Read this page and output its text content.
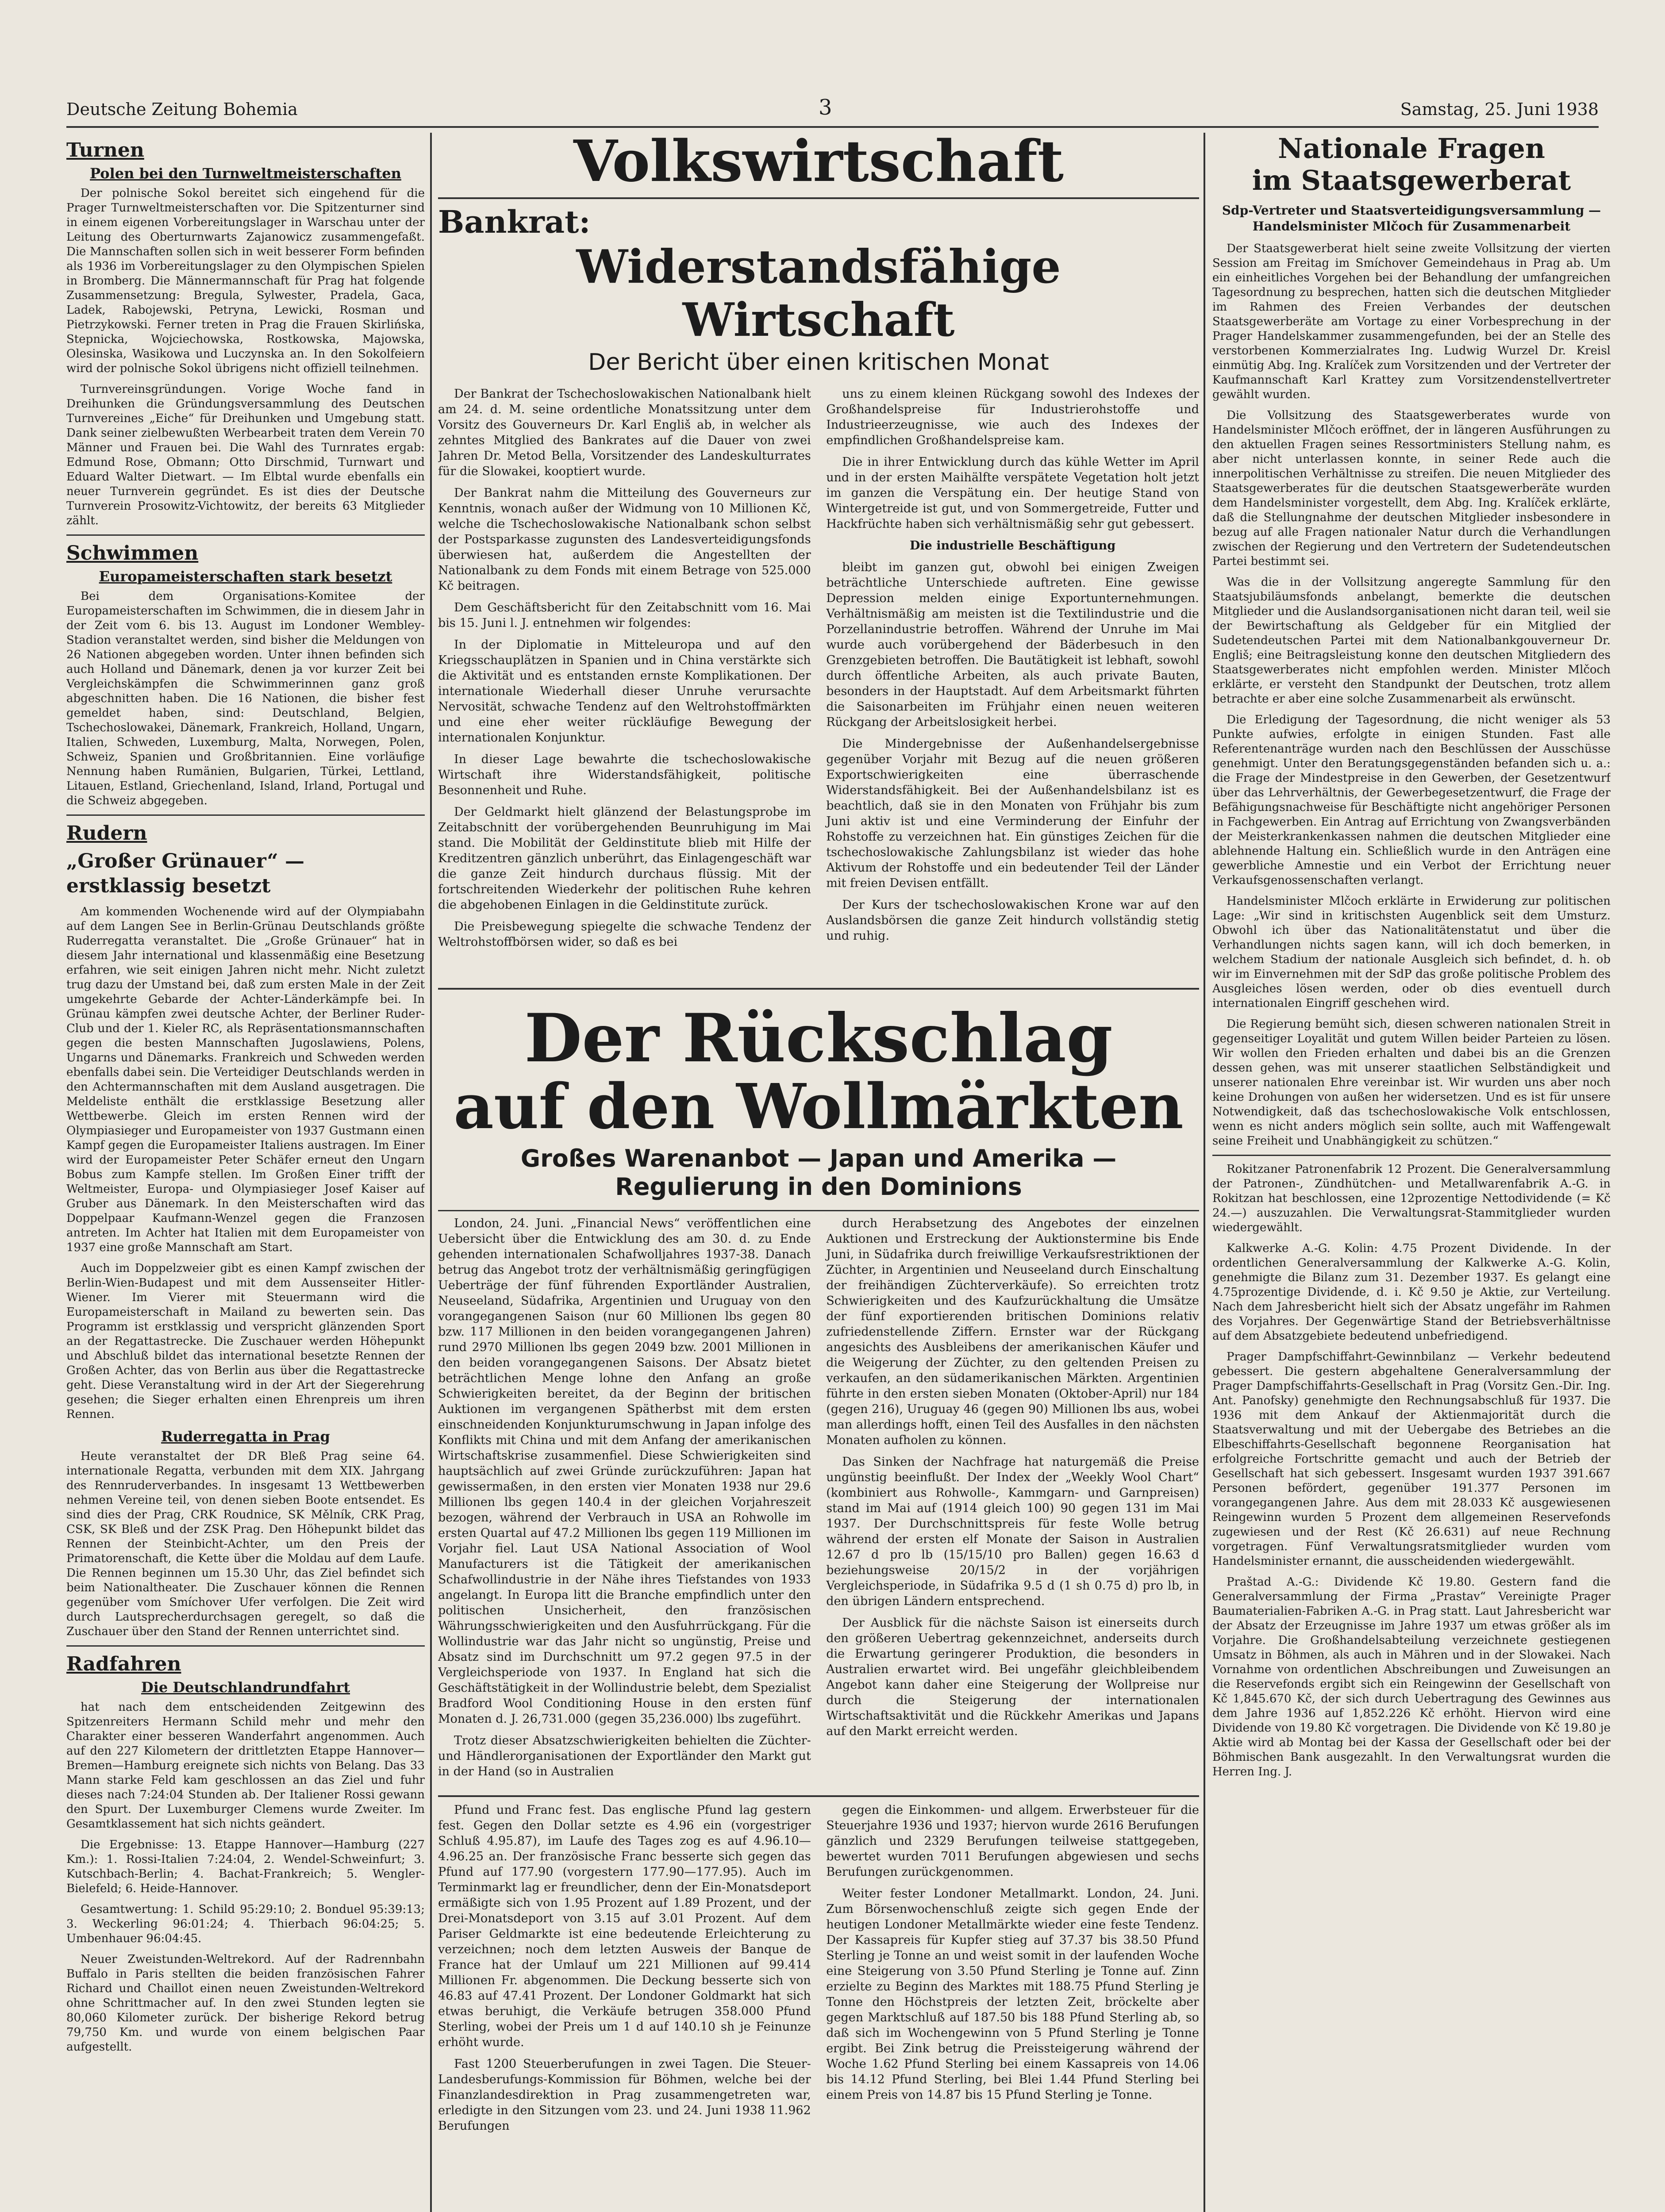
Deutsche Zeitung Bohemia	3	Samstag, 25. Juni 1938
Turnen
Polen bei den Turnweltmeisterschaften

Der polnische Sokol bereitet sich eingehend für die Prager Turnweltmeisterschaften vor. Die Spitzenturner sind in einem eigenen Vorbereitungslager in Warschau unter der Leitung des Oberturnwarts Zajanowicz zusammengefaßt. Die Mannschaften sollen sich in weit besserer Form befinden als 1936 im Vorbereitungslager zu den Olympischen Spielen in Bromberg. Die Männermannschaft für Prag hat folgende Zusammensetzung: Bregula, Sylwester, Pradela, Gaca, Ladek, Rabojewski, Petryna, Lewicki, Rosman und Pietrzykowski. Ferner treten in Prag die Frauen Skirlińska, Stepnicka, Wojciechowska, Rostkowska, Majowska, Olesinska, Wasikowa und Luczynska an. In den Sokolfeiern wird der polnische Sokol übrigens nicht offiziell teilnehmen.

Turnvereinsgründungen. Vorige Woche fand in Dreihunken die Gründungsversammlung des Deutschen Turnvereines „Eiche“ für Dreihunken und Umgebung statt. Dank seiner zielbewußten Werbearbeit traten dem Verein 70 Männer und Frauen bei. Die Wahl des Turnrates ergab: Edmund Rose, Obmann; Otto Dirschmid, Turnwart und Eduard Walter Dietwart. — Im Elbtal wurde ebenfalls ein neuer Turnverein gegründet. Es ist dies der Deutsche Turnverein Prosowitz-Vichtowitz, der bereits 63 Mitglieder zählt.

Schwimmen
Europameisterschaften stark besetzt

Bei dem Organisations-Komitee der Europameisterschaften im Schwimmen, die in diesem Jahr in der Zeit vom 6. bis 13. August im Londoner Wembley-Stadion veranstaltet werden, sind bisher die Meldungen von 26 Nationen abgegeben worden. Unter ihnen befinden sich auch Holland und Dänemark, denen ja vor kurzer Zeit bei Vergleichskämpfen die Schwimmerinnen ganz groß abgeschnitten haben. Die 16 Nationen, die bisher fest gemeldet haben, sind: Deutschland, Belgien, Tschechoslowakei, Dänemark, Frankreich, Holland, Ungarn, Italien, Schweden, Luxemburg, Malta, Norwegen, Polen, Schweiz, Spanien und Großbritannien. Eine vorläufige Nennung haben Rumänien, Bulgarien, Türkei, Lettland, Litauen, Estland, Griechenland, Island, Irland, Portugal und die Schweiz abgegeben.

Rudern
„Großer Grünauer“ — erstklassig besetzt

Am kommenden Wochenende wird auf der Olympiabahn auf dem Langen See in Berlin-Grünau Deutschlands größte Ruderregatta veranstaltet. Die „Große Grünauer“ hat in diesem Jahr international und klassenmäßig eine Besetzung erfahren, wie seit einigen Jahren nicht mehr. Nicht zuletzt trug dazu der Umstand bei, daß zum ersten Male in der Zeit umgekehrte Gebarde der Achter-Länderkämpfe bei. In Grünau kämpfen zwei deutsche Achter, der Berliner Ruder-Club und der 1. Kieler RC, als Repräsentationsmannschaften gegen die besten Mannschaften Jugoslawiens, Polens, Ungarns und Dänemarks. Frankreich und Schweden werden ebenfalls dabei sein. Die Verteidiger Deutschlands werden in den Achtermannschaften mit dem Ausland ausgetragen. Die Meldeliste enthält die erstklassige Besetzung aller Wettbewerbe. Gleich im ersten Rennen wird der Olympiasieger und Europameister von 1937 Gustmann einen Kampf gegen die Europameister Italiens austragen. Im Einer wird der Europameister Peter Schäfer erneut den Ungarn Bobus zum Kampfe stellen. Im Großen Einer trifft der Weltmeister, Europa- und Olympiasieger Josef Kaiser auf Gruber aus Dänemark. In den Meisterschaften wird das Doppelpaar Kaufmann-Wenzel gegen die Franzosen antreten. Im Achter hat Italien mit dem Europameister von 1937 eine große Mannschaft am Start.

Auch im Doppelzweier gibt es einen Kampf zwischen der Berlin-Wien-Budapest und mit dem Aussenseiter Hitler-Wiener. Im Vierer mit Steuermann wird die Europameisterschaft in Mailand zu bewerten sein. Das Programm ist erstklassig und verspricht glänzenden Sport an der Regattastrecke. Die Zuschauer werden Höhepunkt und Abschluß bildet das international besetzte Rennen der Großen Achter, das von Berlin aus über die Regattastrecke geht. Diese Veranstaltung wird in der Art der Siegerehrung gesehen; die Sieger erhalten einen Ehrenpreis um ihren Rennen.

Ruderregatta in Prag

Heute veranstaltet der DR Bleß Prag seine 64. internationale Regatta, verbunden mit dem XIX. Jahrgang des Rennruderverbandes. In insgesamt 13 Wettbewerben nehmen Vereine teil, von denen sieben Boote entsendet. Es sind dies der Prag, CRK Roudnice, SK Mělník, CRK Prag, CSK, SK Bleß und der ZSK Prag. Den Höhepunkt bildet das Rennen der Steinbicht-Achter, um den Preis der Primatorenschaft, die Kette über die Moldau auf dem Laufe. Die Rennen beginnen um 15.30 Uhr, das Ziel befindet sich beim Nationaltheater. Die Zuschauer können die Rennen gegenüber vom Smíchover Ufer verfolgen. Die Zeit wird durch Lautsprecherdurchsagen geregelt, so daß die Zuschauer über den Stand der Rennen unterrichtet sind.

Radfahren
Die Deutschlandrundfahrt

hat nach dem entscheidenden Zeitgewinn des Spitzenreiters Hermann Schild mehr und mehr den Charakter einer besseren Wanderfahrt angenommen. Auch auf den 227 Kilometern der drittletzten Etappe Hannover—Bremen—Hamburg ereignete sich nichts von Belang. Das 33 Mann starke Feld kam geschlossen an das Ziel und fuhr dieses nach 7:24:04 Stunden ab. Der Italiener Rossi gewann den Spurt. Der Luxemburger Clemens wurde Zweiter. Im Gesamtklassement hat sich nichts geändert.

Die Ergebnisse: 13. Etappe Hannover—Hamburg (227 Km.): 1. Rossi-Italien 7:24:04, 2. Wendel-Schweinfurt; 3. Kutschbach-Berlin; 4. Bachat-Frankreich; 5. Wengler-Bielefeld; 6. Heide-Hannover.

Gesamtwertung: 1. Schild 95:29:10; 2. Bonduel 95:39:13; 3. Weckerling 96:01:24; 4. Thierbach 96:04:25; 5. Umbenhauer 96:04:45.

Neuer Zweistunden-Weltrekord. Auf der Radrennbahn Buffalo in Paris stellten die beiden französischen Fahrer Richard und Chaillot einen neuen Zweistunden-Weltrekord ohne Schrittmacher auf. In den zwei Stunden legten sie 80,060 Kilometer zurück. Der bisherige Rekord betrug 79,750 Km. und wurde von einem belgischen Paar aufgestellt.

Volkswirtschaft
Bankrat:
Widerstandsfähige Wirtschaft
Der Bericht über einen kritischen Monat

Der Bankrat der Tschechoslowakischen Nationalbank hielt am 24. d. M. seine ordentliche Monatssitzung unter dem Vorsitz des Gouverneurs Dr. Karl Engliš ab, in welcher als zehntes Mitglied des Bankrates auf die Dauer von zwei Jahren Dr. Metod Bella, Vorsitzender des Landeskulturrates für die Slowakei, kooptiert wurde.

Der Bankrat nahm die Mitteilung des Gouverneurs zur Kenntnis, wonach außer der Widmung von 10 Millionen Kč, welche die Tschechoslowakische Nationalbank schon selbst der Postsparkasse zugunsten des Landesverteidigungsfonds überwiesen hat, außerdem die Angestellten der Nationalbank zu dem Fonds mit einem Betrage von 525.000 Kč beitragen.

Dem Geschäftsbericht für den Zeitabschnitt vom 16. Mai bis 15. Juni l. J. entnehmen wir folgendes:

In der Diplomatie in Mitteleuropa und auf den Kriegsschauplätzen in Spanien und in China verstärkte sich die Aktivität und es entstanden ernste Komplikationen. Der internationale Wiederhall dieser Unruhe verursachte Nervosität, schwache Tendenz auf den Weltrohstoffmärkten und eine eher weiter rückläufige Bewegung der internationalen Konjunktur.

In dieser Lage bewahrte die tschechoslowakische Wirtschaft ihre Widerstandsfähigkeit, politische Besonnenheit und Ruhe.

Der Geldmarkt hielt glänzend der Belastungsprobe im Zeitabschnitt der vorübergehenden Beunruhigung im Mai stand. Die Mobilität der Geldinstitute blieb mit Hilfe der Kreditzentren gänzlich unberührt, das Einlagengeschäft war die ganze Zeit hindurch durchaus flüssig. Mit der fortschreitenden Wiederkehr der politischen Ruhe kehren die abgehobenen Einlagen in die Geldinstitute zurück.

Die Preisbewegung spiegelte die schwache Tendenz der Weltrohstoffbörsen wider, so daß es bei

uns zu einem kleinen Rückgang sowohl des Indexes der Großhandelspreise für Industrierohstoffe und Industrieerzeugnisse, wie auch des Indexes der empfindlichen Großhandelspreise kam.

Die in ihrer Entwicklung durch das kühle Wetter im April und in der ersten Maihälfte verspätete Vegetation holt jetzt im ganzen die Verspätung ein. Der heutige Stand von Wintergetreide ist gut, und von Sommergetreide, Futter und Hackfrüchte haben sich verhältnismäßig sehr gut gebessert.

Die industrielle Beschäftigung

bleibt im ganzen gut, obwohl bei einigen Zweigen beträchtliche Unterschiede auftreten. Eine gewisse Depression melden einige Exportunternehmungen. Verhältnismäßig am meisten ist die Textilindustrie und die Porzellanindustrie betroffen. Während der Unruhe im Mai wurde auch vorübergehend der Bäderbesuch in den Grenzgebieten betroffen. Die Bautätigkeit ist lebhaft, sowohl durch öffentliche Arbeiten, als auch private Bauten, besonders in der Hauptstadt. Auf dem Arbeitsmarkt führten die Saisonarbeiten im Frühjahr einen neuen weiteren Rückgang der Arbeitslosigkeit herbei.

Die Mindergebnisse der Außenhandelsergebnisse gegenüber Vorjahr mit Bezug auf die neuen größeren Exportschwierigkeiten eine überraschende Widerstandsfähigkeit. Bei der Außenhandelsbilanz ist es beachtlich, daß sie in den Monaten von Frühjahr bis zum Juni aktiv ist und eine Verminderung der Einfuhr der Rohstoffe zu verzeichnen hat. Ein günstiges Zeichen für die tschechoslowakische Zahlungsbilanz ist wieder das hohe Aktivum der Rohstoffe und ein bedeutender Teil der Länder mit freien Devisen entfällt.

Der Kurs der tschechoslowakischen Krone war auf den Auslandsbörsen die ganze Zeit hindurch vollständig stetig und ruhig.

Der Rückschlag
auf den Wollmärkten
Großes Warenanbot — Japan und Amerika — Regulierung in den Dominions

London, 24. Juni. „Financial News“ veröffentlichen eine Uebersicht über die Entwicklung des am 30. d. zu Ende gehenden internationalen Schafwolljahres 1937-38. Danach betrug das Angebot trotz der verhältnismäßig geringfügigen Ueberträge der fünf führenden Exportländer Australien, Neuseeland, Südafrika, Argentinien und Uruguay von den vorangegangenen Saison (nur 60 Millionen lbs gegen 80 bzw. 117 Millionen in den beiden vorangegangenen Jahren) rund 2970 Millionen lbs gegen 2049 bzw. 2001 Millionen in den beiden vorangegangenen Saisons. Der Absatz bietet beträchtlichen Menge lohne den Anfang an große Schwierigkeiten bereitet, da der Beginn der britischen Auktionen im vergangenen Spätherbst mit dem ersten einschneidenden Konjunkturumschwung in Japan infolge des Konflikts mit China und mit dem Anfang der amerikanischen Wirtschaftskrise zusammenfiel. Diese Schwierigkeiten sind hauptsächlich auf zwei Gründe zurückzuführen: Japan hat gewissermaßen, in den ersten vier Monaten 1938 nur 29.6 Millionen lbs gegen 140.4 in der gleichen Vorjahreszeit bezogen, während der Verbrauch in USA an Rohwolle im ersten Quartal auf 47.2 Millionen lbs gegen 119 Millionen im Vorjahr fiel. Laut USA National Association of Wool Manufacturers ist die Tätigkeit der amerikanischen Schafwollindustrie in der Nähe ihres Tiefstandes von 1933 angelangt. In Europa litt die Branche empfindlich unter den politischen Unsicherheit, den französischen Währungsschwierigkeiten und den Ausfuhrrückgang. Für die Wollindustrie war das Jahr nicht so ungünstig, Preise und Absatz sind im Durchschnitt um 97.2 gegen 97.5 in der Vergleichsperiode von 1937. In England hat sich die Geschäftstätigkeit in der Wollindustrie belebt, dem Spezialist Bradford Wool Conditioning House in den ersten fünf Monaten d. J. 26,731.000 (gegen 35,236.000) lbs zugeführt.

Trotz dieser Absatzschwierigkeiten behielten die Züchter- und Händlerorganisationen der Exportländer den Markt gut in der Hand (so in Australien

durch Herabsetzung des Angebotes der einzelnen Auktionen und Erstreckung der Auktionstermine bis Ende Juni, in Südafrika durch freiwillige Verkaufsrestriktionen der Züchter, in Argentinien und Neuseeland durch Einschaltung der freihändigen Züchterverkäufe). So erreichten trotz Schwierigkeiten und des Kaufzurückhaltung die Umsätze der fünf exportierenden britischen Dominions relativ zufriedenstellende Ziffern. Ernster war der Rückgang angesichts des Ausbleibens der amerikanischen Käufer und die Weigerung der Züchter, zu den geltenden Preisen zu verkaufen, an den südamerikanischen Märkten. Argentinien führte in den ersten sieben Monaten (Oktober-April) nur 184 (gegen 216), Uruguay 46 (gegen 90) Millionen lbs aus, wobei man allerdings hofft, einen Teil des Ausfalles in den nächsten Monaten aufholen zu können.

Das Sinken der Nachfrage hat naturgemäß die Preise ungünstig beeinflußt. Der Index der „Weekly Wool Chart“ (kombiniert aus Rohwolle-, Kammgarn- und Garnpreisen) stand im Mai auf (1914 gleich 100) 90 gegen 131 im Mai 1937. Der Durchschnittspreis für feste Wolle betrug während der ersten elf Monate der Saison in Australien 12.67 d pro lb (15/15/10 pro Ballen) gegen 16.63 d beziehungsweise 20/15/2 in der vorjährigen Vergleichsperiode, in Südafrika 9.5 d (1 sh 0.75 d) pro lb, in den übrigen Ländern entsprechend.

Der Ausblick für die nächste Saison ist einerseits durch den größeren Uebertrag gekennzeichnet, anderseits durch die Erwartung geringerer Produktion, die besonders in Australien erwartet wird. Bei ungefähr gleichbleibendem Angebot kann daher eine Steigerung der Wollpreise nur durch die Steigerung der internationalen Wirtschaftsaktivität und die Rückkehr Amerikas und Japans auf den Markt erreicht werden.

Pfund und Franc fest. Das englische Pfund lag gestern fest. Gegen den Dollar setzte es 4.96 ein (vorgestriger Schluß 4.95.87), im Laufe des Tages zog es auf 4.96.10—4.96.25 an. Der französische Franc besserte sich gegen das Pfund auf 177.90 (vorgestern 177.90—177.95). Auch im Terminmarkt lag er freundlicher, denn der Ein-Monatsdeport ermäßigte sich von 1.95 Prozent auf 1.89 Prozent, und der Drei-Monatsdeport von 3.15 auf 3.01 Prozent. Auf dem Pariser Geldmarkte ist eine bedeutende Erleichterung zu verzeichnen; noch dem letzten Ausweis der Banque de France hat der Umlauf um 221 Millionen auf 99.414 Millionen Fr. abgenommen. Die Deckung besserte sich von 46.83 auf 47.41 Prozent. Der Londoner Goldmarkt hat sich etwas beruhigt, die Verkäufe betrugen 358.000 Pfund Sterling, wobei der Preis um 1 d auf 140.10 sh je Feinunze erhöht wurde.

Fast 1200 Steuerberufungen in zwei Tagen. Die Steuer-Landesberufungs-Kommission für Böhmen, welche bei der Finanzlandesdirektion in Prag zusammengetreten war, erledigte in den Sitzungen vom 23. und 24. Juni 1938 11.962 Berufungen

gegen die Einkommen- und allgem. Erwerbsteuer für die Steuerjahre 1936 und 1937; hiervon wurde 2616 Berufungen gänzlich und 2329 Berufungen teilweise stattgegeben, bewertet wurden 7011 Berufungen abgewiesen und sechs Berufungen zurückgenommen.

Weiter fester Londoner Metallmarkt. London, 24. Juni. Zum Börsenwochenschluß zeigte sich gegen Ende der heutigen Londoner Metallmärkte wieder eine feste Tendenz. Der Kassapreis für Kupfer stieg auf 37.37 bis 38.50 Pfund Sterling je Tonne an und weist somit in der laufenden Woche eine Steigerung von 3.50 Pfund Sterling je Tonne auf. Zinn erzielte zu Beginn des Marktes mit 188.75 Pfund Sterling je Tonne den Höchstpreis der letzten Zeit, bröckelte aber gegen Marktschluß auf 187.50 bis 188 Pfund Sterling ab, so daß sich im Wochengewinn von 5 Pfund Sterling je Tonne ergibt. Bei Zink betrug die Preissteigerung während der Woche 1.62 Pfund Sterling bei einem Kassapreis von 14.06 bis 14.12 Pfund Sterling, bei Blei 1.44 Pfund Sterling bei einem Preis von 14.87 bis 15 Pfund Sterling je Tonne.

Nationale Fragen
im Staatsgewerberat
Sdp-Vertreter und Staatsverteidigungsversammlung — Handelsminister Mlčoch für Zusammenarbeit

Der Staatsgewerberat hielt seine zweite Vollsitzung der vierten Session am Freitag im Smíchover Gemeindehaus in Prag ab. Um ein einheitliches Vorgehen bei der Behandlung der umfangreichen Tagesordnung zu besprechen, hatten sich die deutschen Mitglieder im Rahmen des Freien Verbandes der deutschen Staatsgewerberäte am Vortage zu einer Vorbesprechung in der Prager Handelskammer zusammengefunden, bei der an Stelle des verstorbenen Kommerzialrates Ing. Ludwig Wurzel Dr. Kreisl einmütig Abg. Ing. Kralíček zum Vorsitzenden und der Vertreter der Kaufmannschaft Karl Krattey zum Vorsitzendenstellvertreter gewählt wurden.

Die Vollsitzung des Staatsgewerberates wurde von Handelsminister Mlčoch eröffnet, der in längeren Ausführungen zu den aktuellen Fragen seines Ressortministers Stellung nahm, es aber nicht unterlassen konnte, in seiner Rede auch die innerpolitischen Verhältnisse zu streifen. Die neuen Mitglieder des Staatsgewerberates für die deutschen Staatsgewerberäte wurden dem Handelsminister vorgestellt, dem Abg. Ing. Kralíček erklärte, daß die Stellungnahme der deutschen Mitglieder insbesondere in bezug auf alle Fragen nationaler Natur durch die Verhandlungen zwischen der Regierung und den Vertretern der Sudetendeutschen Partei bestimmt sei.

Was die in der Vollsitzung angeregte Sammlung für den Staatsjubiläumsfonds anbelangt, bemerkte die deutschen Mitglieder und die Auslandsorganisationen nicht daran teil, weil sie der Bewirtschaftung als Geldgeber für ein Mitglied der Sudetendeutschen Partei mit dem Nationalbankgouverneur Dr. Engliš; eine Beitragsleistung konne den deutschen Mitgliedern des Staatsgewerberates nicht empfohlen werden. Minister Mlčoch erklärte, er versteht den Standpunkt der Deutschen, trotz allem betrachte er aber eine solche Zusammenarbeit als erwünscht.

Die Erledigung der Tagesordnung, die nicht weniger als 53 Punkte aufwies, erfolgte in einigen Stunden. Fast alle Referentenanträge wurden nach den Beschlüssen der Ausschüsse genehmigt. Unter den Beratungsgegenständen befanden sich u. a.: die Frage der Mindestpreise in den Gewerben, der Gesetzentwurf über das Lehrverhältnis, der Gewerbegesetzentwurf, die Frage der Befähigungsnachweise für Beschäftigte nicht angehöriger Personen in Fachgewerben. Ein Antrag auf Errichtung von Zwangsverbänden der Meisterkrankenkassen nahmen die deutschen Mitglieder eine ablehnende Haltung ein. Schließlich wurde in den Anträgen eine gewerbliche Amnestie und ein Verbot der Errichtung neuer Verkaufsgenossenschaften verlangt.

Handelsminister Mlčoch erklärte in Erwiderung zur politischen Lage: „Wir sind in kritischsten Augenblick seit dem Umsturz. Obwohl ich über das Nationalitätenstatut und über die Verhandlungen nichts sagen kann, will ich doch bemerken, in welchem Stadium der nationale Ausgleich sich befindet, d. h. ob wir im Einvernehmen mit der SdP das große politische Problem des Ausgleiches lösen werden, oder ob dies eventuell durch internationalen Eingriff geschehen wird.

Die Regierung bemüht sich, diesen schweren nationalen Streit in gegenseitiger Loyalität und gutem Willen beider Parteien zu lösen. Wir wollen den Frieden erhalten und dabei bis an die Grenzen dessen gehen, was mit unserer staatlichen Selbständigkeit und unserer nationalen Ehre vereinbar ist. Wir wurden uns aber noch keine Drohungen von außen her widersetzen. Und es ist für unsere Notwendigkeit, daß das tschechoslowakische Volk entschlossen, wenn es nicht anders möglich sein sollte, auch mit Waffengewalt seine Freiheit und Unabhängigkeit zu schützen.“

Rokitzaner Patronenfabrik 12 Prozent. Die Generalversammlung der Patronen-, Zündhütchen- und Metallwarenfabrik A.-G. in Rokitzan hat beschlossen, eine 12prozentige Nettodividende (= Kč 24.—) auszuzahlen. Die Verwaltungsrat-Stammitglieder wurden wiedergewählt.

Kalkwerke A.-G. Kolin: 4.75 Prozent Dividende. In der ordentlichen Generalversammlung der Kalkwerke A.-G. Kolin, genehmigte die Bilanz zum 31. Dezember 1937. Es gelangt eine 4.75prozentige Dividende, d. i. Kč 9.50 je Aktie, zur Verteilung. Nach dem Jahresbericht hielt sich der Absatz ungefähr im Rahmen des Vorjahres. Der Gegenwärtige Stand der Betriebsverhältnisse auf dem Absatzgebiete bedeutend unbefriedigend.

Prager Dampfschiffahrt-Gewinnbilanz — Verkehr bedeutend gebessert. Die gestern abgehaltene Generalversammlung der Prager Dampfschiffahrts-Gesellschaft in Prag (Vorsitz Gen.-Dir. Ing. Ant. Panofsky) genehmigte den Rechnungsabschluß für 1937. Die 1936 mit dem Ankauf der Aktienmajorität durch die Staatsverwaltung und mit der Uebergabe des Betriebes an die Elbeschiffahrts-Gesellschaft begonnene Reorganisation hat erfolgreiche Fortschritte gemacht und auch der Betrieb der Gesellschaft hat sich gebessert. Insgesamt wurden 1937 391.667 Personen befördert, gegenüber 191.377 Personen im vorangegangenen Jahre. Aus dem mit 28.033 Kč ausgewiesenen Reingewinn wurden 5 Prozent dem allgemeinen Reservefonds zugewiesen und der Rest (Kč 26.631) auf neue Rechnung vorgetragen. Fünf Verwaltungsratsmitglieder wurden vom Handelsminister ernannt, die ausscheidenden wiedergewählt.

Praštad A.-G.: Dividende Kč 19.80. Gestern fand die Generalversammlung der Firma „Prastav“ Vereinigte Prager Baumaterialien-Fabriken A.-G. in Prag statt. Laut Jahresbericht war der Absatz der Erzeugnisse im Jahre 1937 um etwas größer als im Vorjahre. Die Großhandelsabteilung verzeichnete gestiegenen Umsatz in Böhmen, als auch in Mähren und in der Slowakei. Nach Vornahme von ordentlichen Abschreibungen und Zuweisungen an die Reservefonds ergibt sich ein Reingewinn der Gesellschaft von Kč 1,845.670 Kč, der sich durch Uebertragung des Gewinnes aus dem Jahre 1936 auf 1,852.226 Kč erhöht. Hiervon wird eine Dividende von 19.80 Kč vorgetragen. Die Dividende von Kč 19.80 je Aktie wird ab Montag bei der Kassa der Gesellschaft oder bei der Böhmischen Bank ausgezahlt. In den Verwaltungsrat wurden die Herren Ing. J.
